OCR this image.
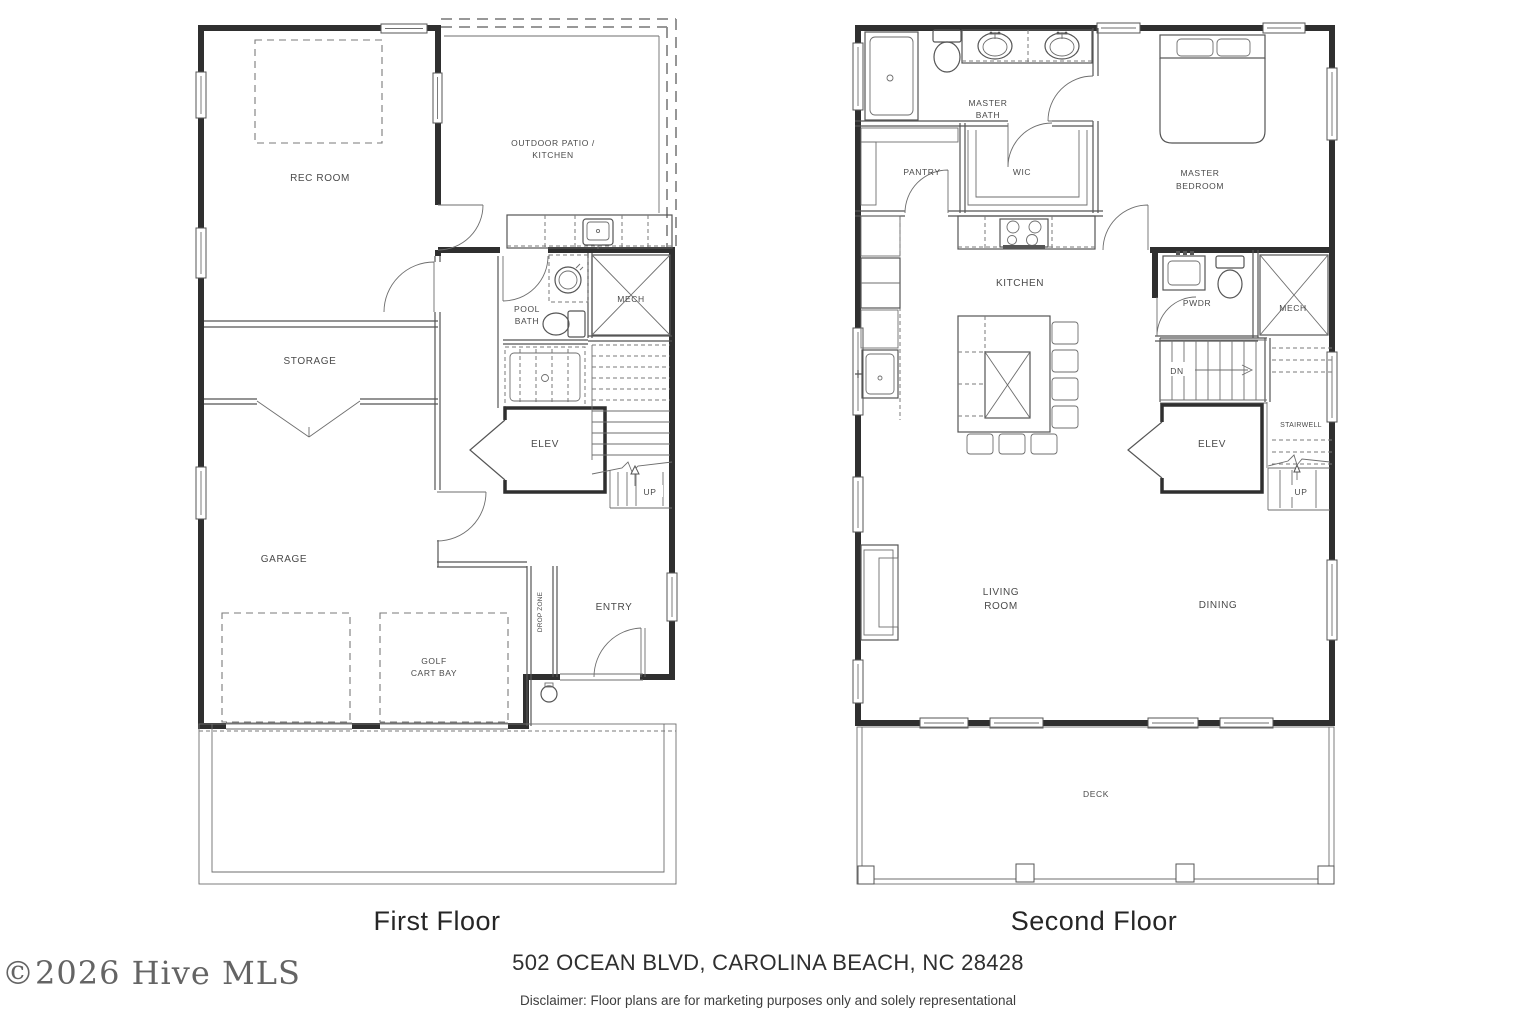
REC ROOM
OUTDOOR PATIO /
KITCHEN
STORAGE
POOL
BATH
MECH
ELEV
UP
GARAGE
DROP ZONE	ENTRY
GOLF
CART BAY
MASTER
BATH
PANTRY	WIC	MASTER
BEDROOM
KITCHEN
PWDR	MECH
DN
STAIRWELL
ELEV
UP
LIVING
ROOM	DINING
DECK
First Floor	Second Floor
502 OCEAN BLVD, CAROLINA BEACH, NC 28428
Disclaimer: Floor plans are for marketing purposes only and solely representational
©2026 Hive MLS
